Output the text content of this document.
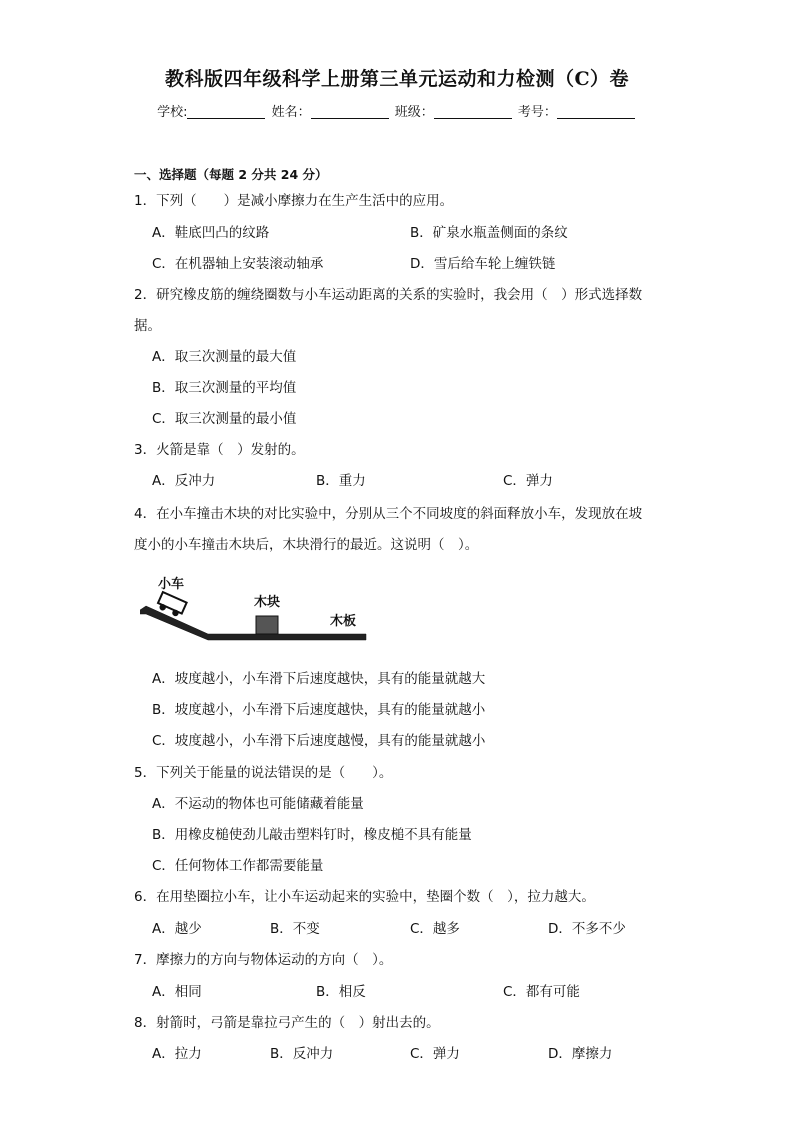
教科版四年级科学上册第三单元运动和力检测（C）卷
学校:	姓名：	班级：	考号：
一、选择题（每题 2 分共 24 分）
1．下列（　　）是减小摩擦力在生产生活中的应用。
A．鞋底凹凸的纹路	B．矿泉水瓶盖侧面的条纹
C．在机器轴上安装滚动轴承	D．雪后给车轮上缠铁链
2．研究橡皮筋的缠绕圈数与小车运动距离的关系的实验时，我会用（　）形式选择数
据。
A．取三次测量的最大值
B．取三次测量的平均值
C．取三次测量的最小值
3．火箭是靠（　）发射的。
A．反冲力	B．重力	C．弹力
4．在小车撞击木块的对比实验中，分别从三个不同坡度的斜面释放小车，发现放在坡
度小的小车撞击木块后，木块滑行的最近。这说明（　）。
小车
木块
木板
A．坡度越小，小车滑下后速度越快，具有的能量就越大
B．坡度越小，小车滑下后速度越快，具有的能量就越小
C．坡度越小，小车滑下后速度越慢，具有的能量就越小
5．下列关于能量的说法错误的是（　　）。
A．不运动的物体也可能储藏着能量
B．用橡皮槌使劲儿敲击塑料钉时，橡皮槌不具有能量
C．任何物体工作都需要能量
6．在用垫圈拉小车，让小车运动起来的实验中，垫圈个数（　），拉力越大。
A．越少	B．不变	C．越多	D．不多不少
7．摩擦力的方向与物体运动的方向（　）。
A．相同	B．相反	C．都有可能
8．射箭时，弓箭是靠拉弓产生的（　）射出去的。
A．拉力	B．反冲力	C．弹力	D．摩擦力
